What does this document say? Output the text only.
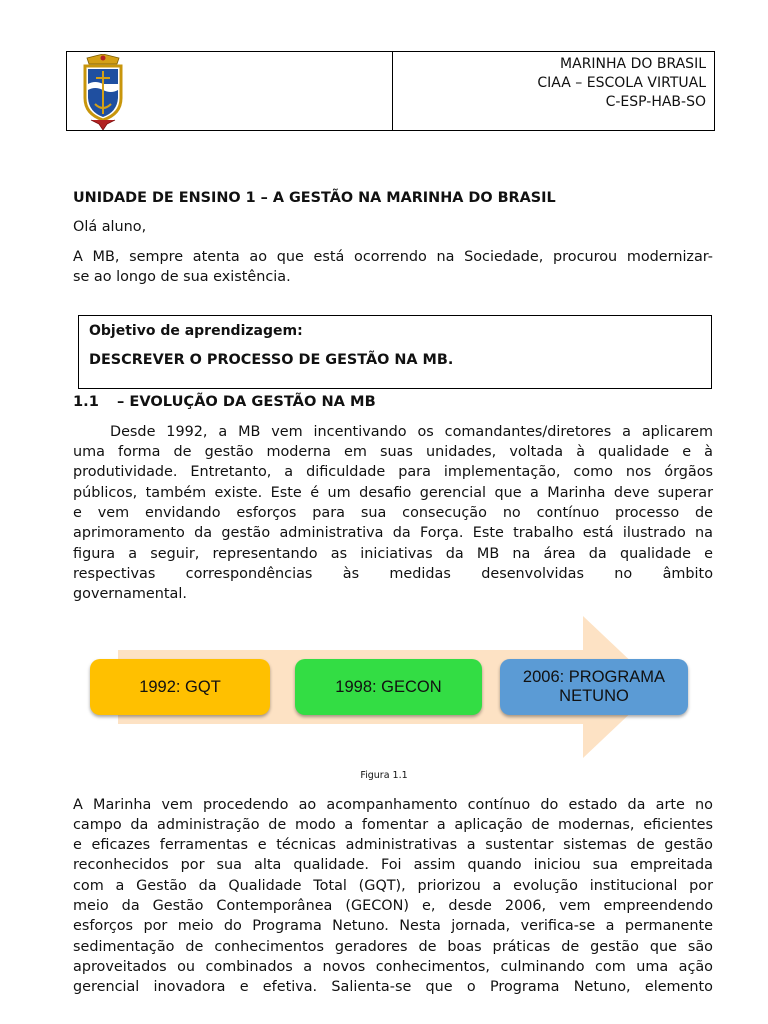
MARINHA DO BRASIL
CIAA – ESCOLA VIRTUAL
C-ESP-HAB-SO
UNIDADE DE ENSINO 1 – A GESTÃO NA MARINHA DO BRASIL
Olá aluno,
A MB, sempre atenta ao que está ocorrendo na Sociedade, procurou modernizar-
se ao longo de sua existência.
Objetivo de aprendizagem:
DESCREVER O PROCESSO DE GESTÃO NA MB.
1.1 – EVOLUÇÃO DA GESTÃO NA MB
Desde 1992, a MB vem incentivando os comandantes/diretores a aplicarem
uma forma de gestão moderna em suas unidades, voltada à qualidade e à
produtividade. Entretanto, a dificuldade para implementação, como nos órgãos
públicos, também existe. Este é um desafio gerencial que a Marinha deve superar
e vem envidando esforços para sua consecução no contínuo processo de
aprimoramento da gestão administrativa da Força. Este trabalho está ilustrado na
figura a seguir, representando as iniciativas da MB na área da qualidade e
respectivas correspondências às medidas desenvolvidas no âmbito
governamental.
1992: GQT	1998: GECON
2006: PROGRAMA NETUNO
Figura 1.1
A Marinha vem procedendo ao acompanhamento contínuo do estado da arte no
campo da administração de modo a fomentar a aplicação de modernas, eficientes
e eficazes ferramentas e técnicas administrativas a sustentar sistemas de gestão
reconhecidos por sua alta qualidade. Foi assim quando iniciou sua empreitada
com a Gestão da Qualidade Total (GQT), priorizou a evolução institucional por
meio da Gestão Contemporânea (GECON) e, desde 2006, vem empreendendo
esforços por meio do Programa Netuno. Nesta jornada, verifica-se a permanente
sedimentação de conhecimentos geradores de boas práticas de gestão que são
aproveitados ou combinados a novos conhecimentos, culminando com uma ação
gerencial inovadora e efetiva. Salienta-se que o Programa Netuno, elemento
